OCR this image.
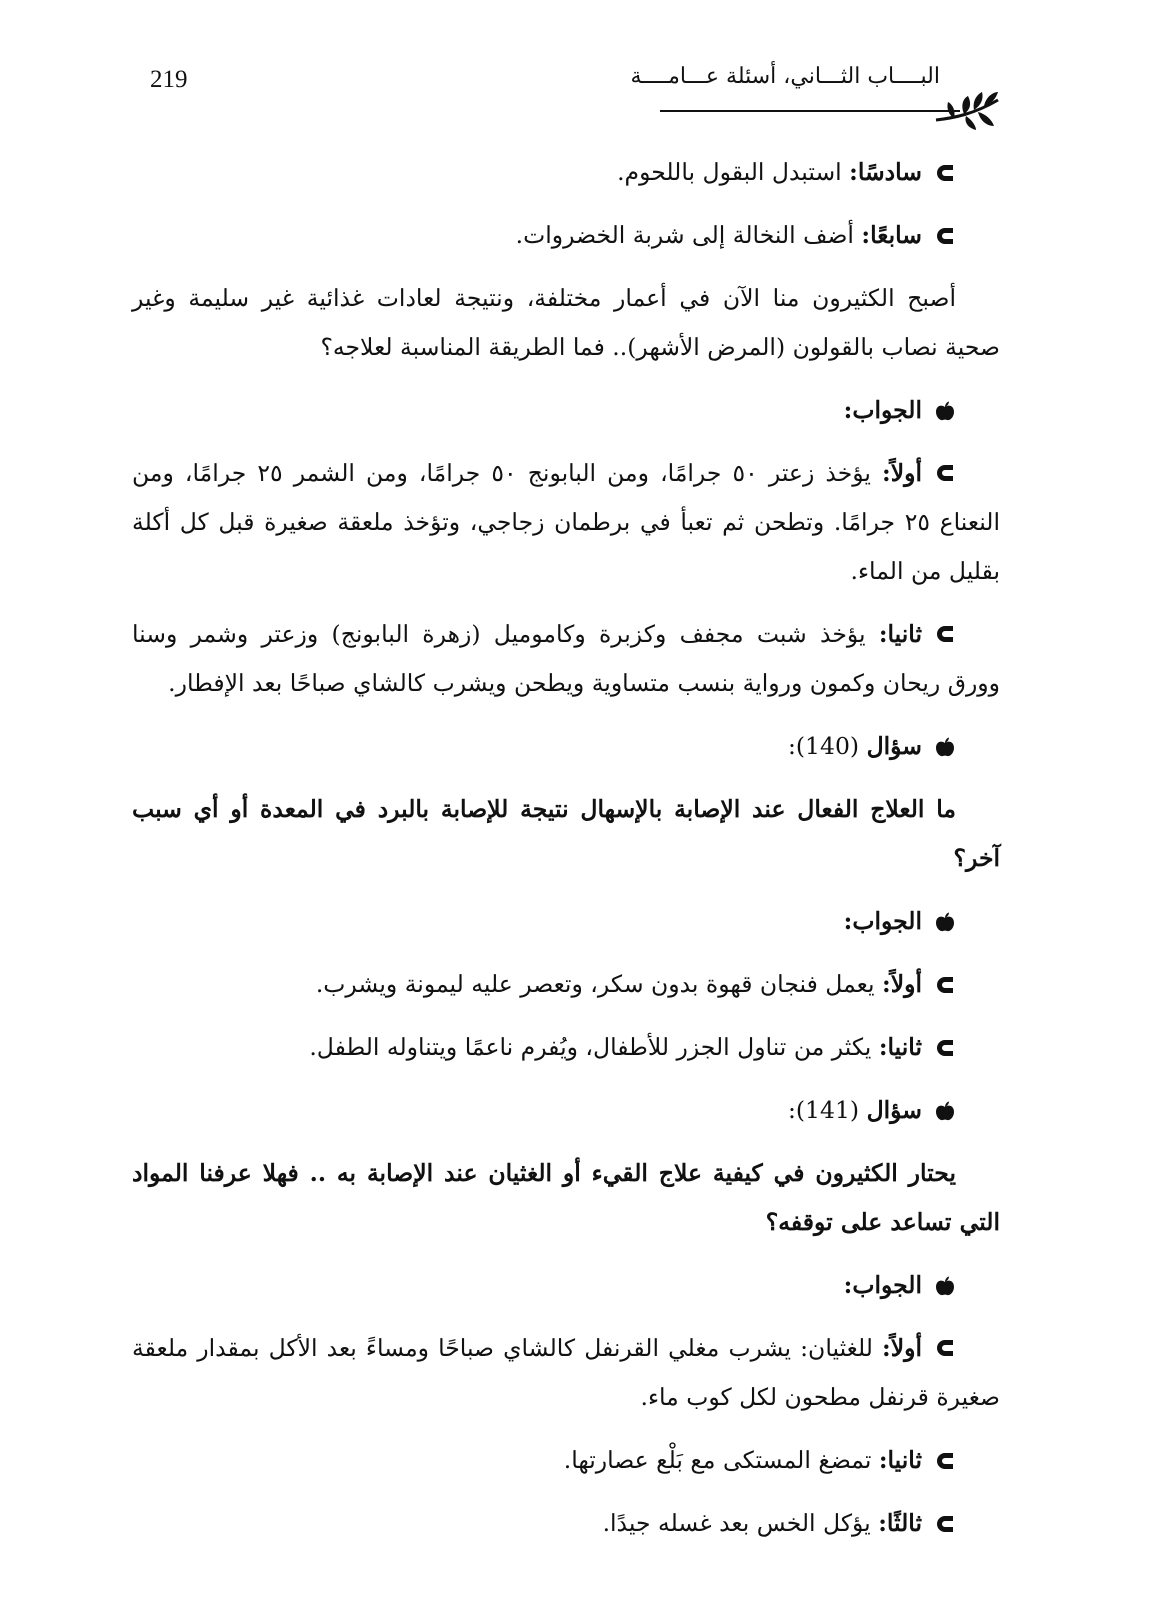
219	البــــاب الثـــاني، أسئلة عـــامــــة
سادسًا: استبدل البقول باللحوم.
سابعًا: أضف النخالة إلى شربة الخضروات.

أصبح الكثيرون منا الآن في أعمار مختلفة، ونتيجة لعادات غذائية غير سليمة وغير صحية نصاب بالقولون (المرض الأشهر).. فما الطريقة المناسبة لعلاجه؟

الجواب:

أولاً: يؤخذ زعتر ٥٠ جرامًا، ومن البابونج ٥٠ جرامًا، ومن الشمر ٢٥ جرامًا، ومن النعناع ٢٥ جرامًا. وتطحن ثم تعبأ في برطمان زجاجي، وتؤخذ ملعقة صغيرة قبل كل أكلة بقليل من الماء.

ثانيا: يؤخذ شبت مجفف وكزبرة وكاموميل (زهرة البابونج) وزعتر وشمر وسنا وورق ريحان وكمون ورواية بنسب متساوية ويطحن ويشرب كالشاي صباحًا بعد الإفطار.

سؤال (140):

ما العلاج الفعال عند الإصابة بالإسهال نتيجة للإصابة بالبرد في المعدة أو أي سبب آخر؟

الجواب:
أولاً: يعمل فنجان قهوة بدون سكر، وتعصر عليه ليمونة ويشرب.
ثانيا: يكثر من تناول الجزر للأطفال، ويُفرم ناعمًا ويتناوله الطفل.
سؤال (141):

يحتار الكثيرون في كيفية علاج القيء أو الغثيان عند الإصابة به .. فهلا عرفنا المواد التي تساعد على توقفه؟

الجواب:

أولاً: للغثيان: يشرب مغلي القرنفل كالشاي صباحًا ومساءً بعد الأكل بمقدار ملعقة صغيرة قرنفل مطحون لكل كوب ماء.

ثانيا: تمضغ المستكى مع بَلْع عصارتها.
ثالثًا: يؤكل الخس بعد غسله جيدًا.
